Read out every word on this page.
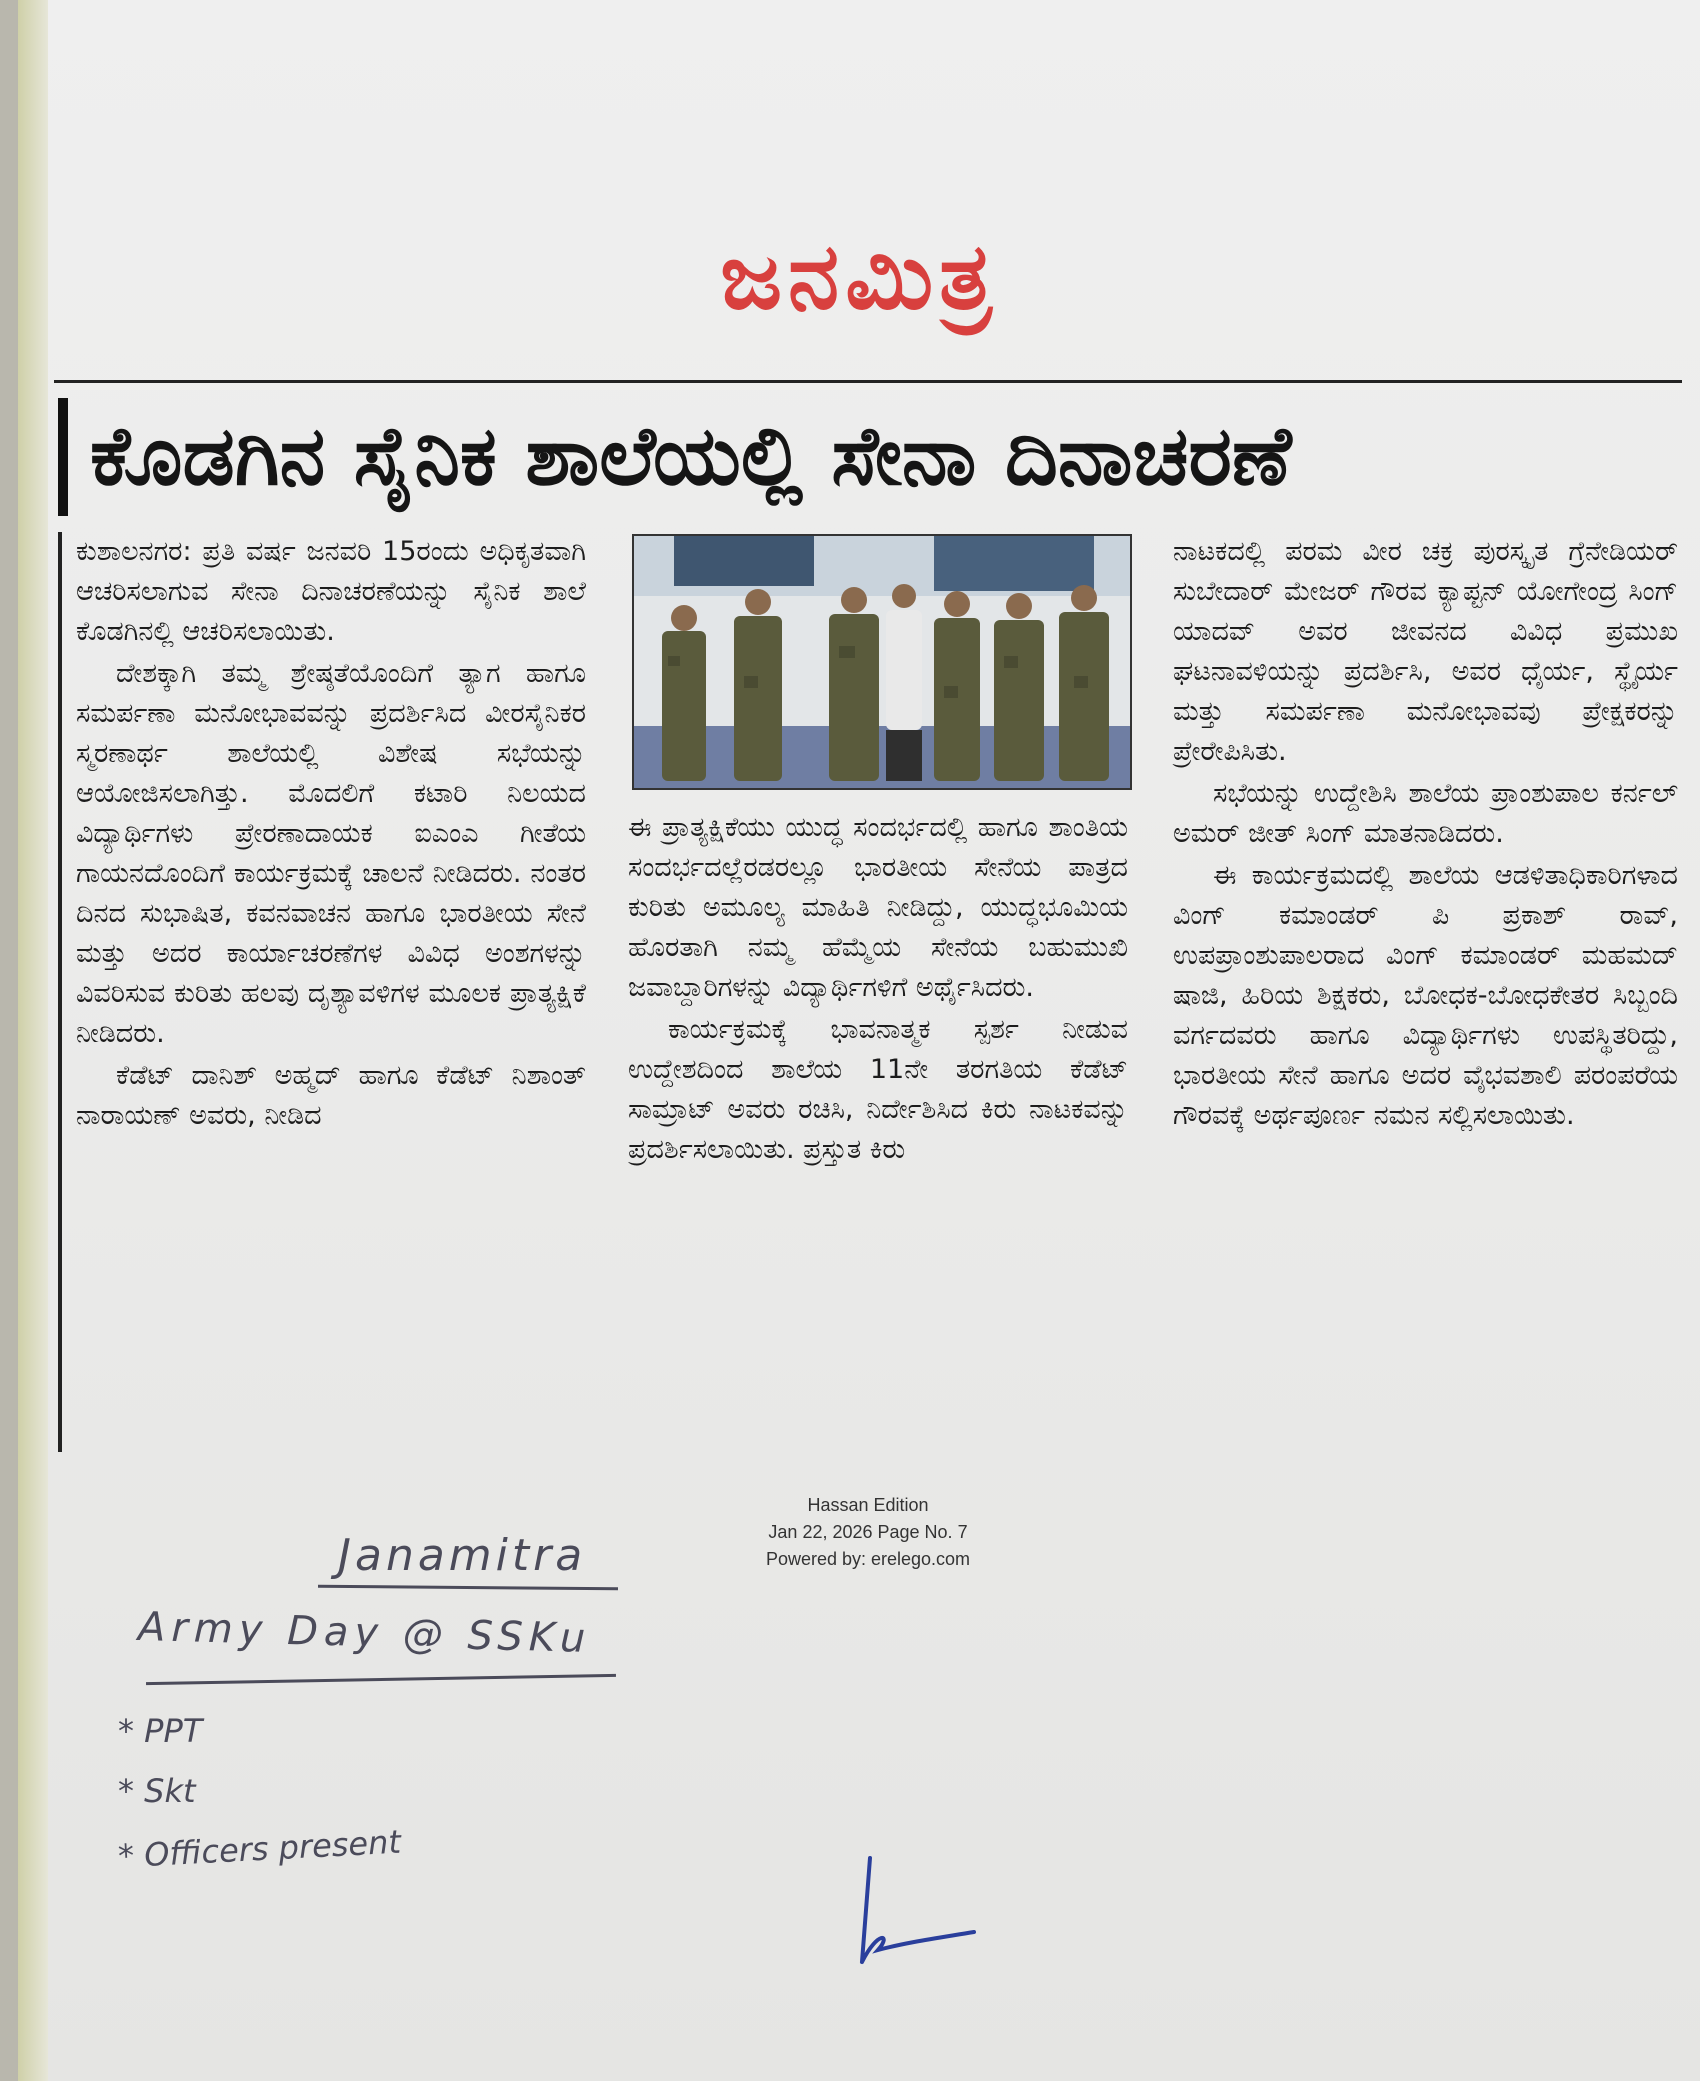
ಜನಮಿತ್ರ
ಕೊಡಗಿನ ಸೈನಿಕ ಶಾಲೆಯಲ್ಲಿ ಸೇನಾ ದಿನಾಚರಣೆ

ಕುಶಾಲನಗರ: ಪ್ರತಿ ವರ್ಷ ಜನವರಿ 15ರಂದು ಅಧಿಕೃತವಾಗಿ ಆಚರಿಸಲಾಗುವ ಸೇನಾ ದಿನಾಚರಣೆಯನ್ನು ಸೈನಿಕ ಶಾಲೆ ಕೊಡಗಿನಲ್ಲಿ ಆಚರಿಸಲಾಯಿತು.

ದೇಶಕ್ಕಾಗಿ ತಮ್ಮ ಶ್ರೇಷ್ಠತೆಯೊಂದಿಗೆ ತ್ಯಾಗ ಹಾಗೂ ಸಮರ್ಪಣಾ ಮನೋಭಾವವನ್ನು ಪ್ರದರ್ಶಿಸಿದ ವೀರಸೈನಿಕರ ಸ್ಮರಣಾರ್ಥ ಶಾಲೆಯಲ್ಲಿ ವಿಶೇಷ ಸಭೆಯನ್ನು ಆಯೋಜಿಸಲಾಗಿತ್ತು. ಮೊದಲಿಗೆ ಕಟಾರಿ ನಿಲಯದ ವಿದ್ಯಾರ್ಥಿಗಳು ಪ್ರೇರಣಾದಾಯಕ ಐಎಂಎ ಗೀತೆಯ ಗಾಯನದೊಂದಿಗೆ ಕಾರ್ಯಕ್ರಮಕ್ಕೆ ಚಾಲನೆ ನೀಡಿದರು. ನಂತರ ದಿನದ ಸುಭಾಷಿತ, ಕವನವಾಚನ ಹಾಗೂ ಭಾರತೀಯ ಸೇನೆ ಮತ್ತು ಅದರ ಕಾರ್ಯಾಚರಣೆಗಳ ವಿವಿಧ ಅಂಶಗಳನ್ನು ವಿವರಿಸುವ ಕುರಿತು ಹಲವು ದೃಶ್ಯಾವಳಿಗಳ ಮೂಲಕ ಪ್ರಾತ್ಯಕ್ಷಿಕೆ ನೀಡಿದರು.

ಕೆಡೆಟ್ ದಾನಿಶ್ ಅಹ್ಮದ್ ಹಾಗೂ ಕೆಡೆಟ್ ನಿಶಾಂತ್ ನಾರಾಯಣ್ ಅವರು, ನೀಡಿದ

ಈ ಪ್ರಾತ್ಯಕ್ಷಿಕೆಯು ಯುದ್ಧ ಸಂದರ್ಭದಲ್ಲಿ ಹಾಗೂ ಶಾಂತಿಯ ಸಂದರ್ಭದಲ್ಲೆರಡರಲ್ಲೂ ಭಾರತೀಯ ಸೇನೆಯ ಪಾತ್ರದ ಕುರಿತು ಅಮೂಲ್ಯ ಮಾಹಿತಿ ನೀಡಿದ್ದು, ಯುದ್ಧಭೂಮಿಯ ಹೊರತಾಗಿ ನಮ್ಮ ಹೆಮ್ಮೆಯ ಸೇನೆಯ ಬಹುಮುಖಿ ಜವಾಬ್ದಾರಿಗಳನ್ನು ವಿದ್ಯಾರ್ಥಿಗಳಿಗೆ ಅರ್ಥೈಸಿದರು.

ಕಾರ್ಯಕ್ರಮಕ್ಕೆ ಭಾವನಾತ್ಮಕ ಸ್ಪರ್ಶ ನೀಡುವ ಉದ್ದೇಶದಿಂದ ಶಾಲೆಯ 11ನೇ ತರಗತಿಯ ಕೆಡೆಟ್ ಸಾಮ್ರಾಟ್ ಅವರು ರಚಿಸಿ, ನಿರ್ದೇಶಿಸಿದ ಕಿರು ನಾಟಕವನ್ನು ಪ್ರದರ್ಶಿಸಲಾಯಿತು. ಪ್ರಸ್ತುತ ಕಿರು

ನಾಟಕದಲ್ಲಿ ಪರಮ ವೀರ ಚಕ್ರ ಪುರಸ್ಕೃತ ಗ್ರೆನೇಡಿಯರ್ ಸುಬೇದಾರ್ ಮೇಜರ್ ಗೌರವ ಕ್ಯಾಪ್ಟನ್ ಯೋಗೇಂದ್ರ ಸಿಂಗ್ ಯಾದವ್ ಅವರ ಜೀವನದ ವಿವಿಧ ಪ್ರಮುಖ ಘಟನಾವಳಿಯನ್ನು ಪ್ರದರ್ಶಿಸಿ, ಅವರ ಧೈರ್ಯ, ಸ್ಥೈರ್ಯ ಮತ್ತು ಸಮರ್ಪಣಾ ಮನೋಭಾವವು ಪ್ರೇಕ್ಷಕರನ್ನು ಪ್ರೇರೇಪಿಸಿತು.

ಸಭೆಯನ್ನು ಉದ್ದೇಶಿಸಿ ಶಾಲೆಯ ಪ್ರಾಂಶುಪಾಲ ಕರ್ನಲ್ ಅಮರ್ ಜೀತ್ ಸಿಂಗ್ ಮಾತನಾಡಿದರು.

ಈ ಕಾರ್ಯಕ್ರಮದಲ್ಲಿ ಶಾಲೆಯ ಆಡಳಿತಾಧಿಕಾರಿಗಳಾದ ವಿಂಗ್ ಕಮಾಂಡರ್ ಪಿ ಪ್ರಕಾಶ್ ರಾವ್, ಉಪಪ್ರಾಂಶುಪಾಲರಾದ ವಿಂಗ್ ಕಮಾಂಡರ್ ಮಹಮದ್ ಷಾಜಿ, ಹಿರಿಯ ಶಿಕ್ಷಕರು, ಬೋಧಕ-ಬೋಧಕೇತರ ಸಿಬ್ಬಂದಿ ವರ್ಗದವರು ಹಾಗೂ ವಿದ್ಯಾರ್ಥಿಗಳು ಉಪಸ್ಥಿತರಿದ್ದು, ಭಾರತೀಯ ಸೇನೆ ಹಾಗೂ ಅದರ ವೈಭವಶಾಲಿ ಪರಂಪರೆಯ ಗೌರವಕ್ಕೆ ಅರ್ಥಪೂರ್ಣ ನಮನ ಸಲ್ಲಿಸಲಾಯಿತು.

Hassan Edition
Jan 22, 2026 Page No. 7
Powered by: erelego.com
Janamitra
Army Day @ SSKu
* PPT
* Skt
* Officers present
